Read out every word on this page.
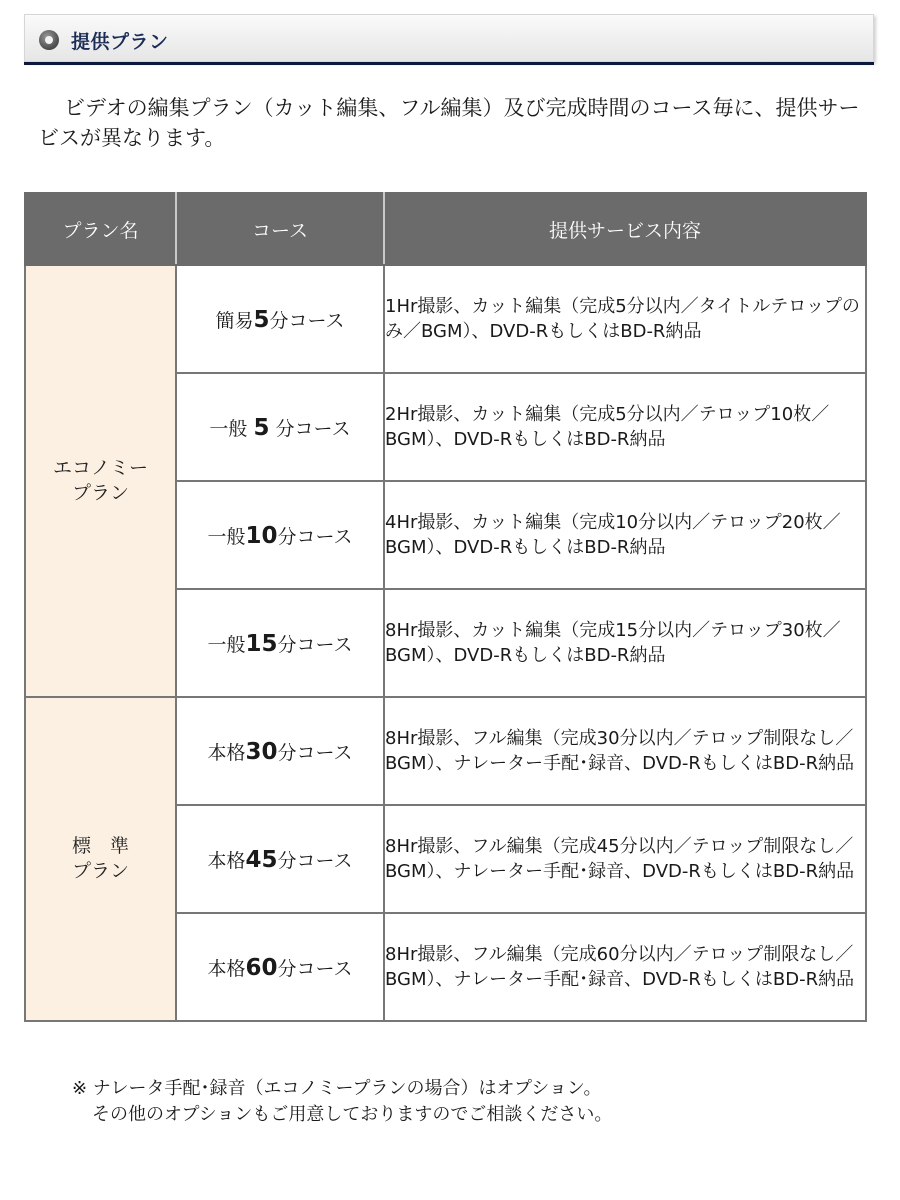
提供プラン

ビデオの編集プラン（カット編集、フル編集）及び完成時間のコース毎に、提供サービスが異なります。

プラン名	コース	提供サービス内容

エコノミー
プラン	簡易5分コース	1Hr撮影、カット編集（完成5分以内／タイトルテロップのみ／BGM）、DVD-RもしくはBD-R納品
	一般 5 分コース	2Hr撮影、カット編集（完成5分以内／テロップ10枚／BGM）、DVD-RもしくはBD-R納品
	一般10分コース	4Hr撮影、カット編集（完成10分以内／テロップ20枚／BGM）、DVD-RもしくはBD-R納品
	一般15分コース	8Hr撮影、カット編集（完成15分以内／テロップ30枚／BGM）、DVD-RもしくはBD-R納品

標　準
プラン	本格30分コース	8Hr撮影、フル編集（完成30分以内／テロップ制限なし／BGM）、ナレーター手配･録音、DVD-RもしくはBD-R納品
	本格45分コース	8Hr撮影、フル編集（完成45分以内／テロップ制限なし／BGM）、ナレーター手配･録音、DVD-RもしくはBD-R納品
	本格60分コース	8Hr撮影、フル編集（完成60分以内／テロップ制限なし／BGM）、ナレーター手配･録音、DVD-RもしくはBD-R納品
※ ナレータ手配･録音（エコノミープランの場合）はオプション。
その他のオプションもご用意しておりますのでご相談ください。
